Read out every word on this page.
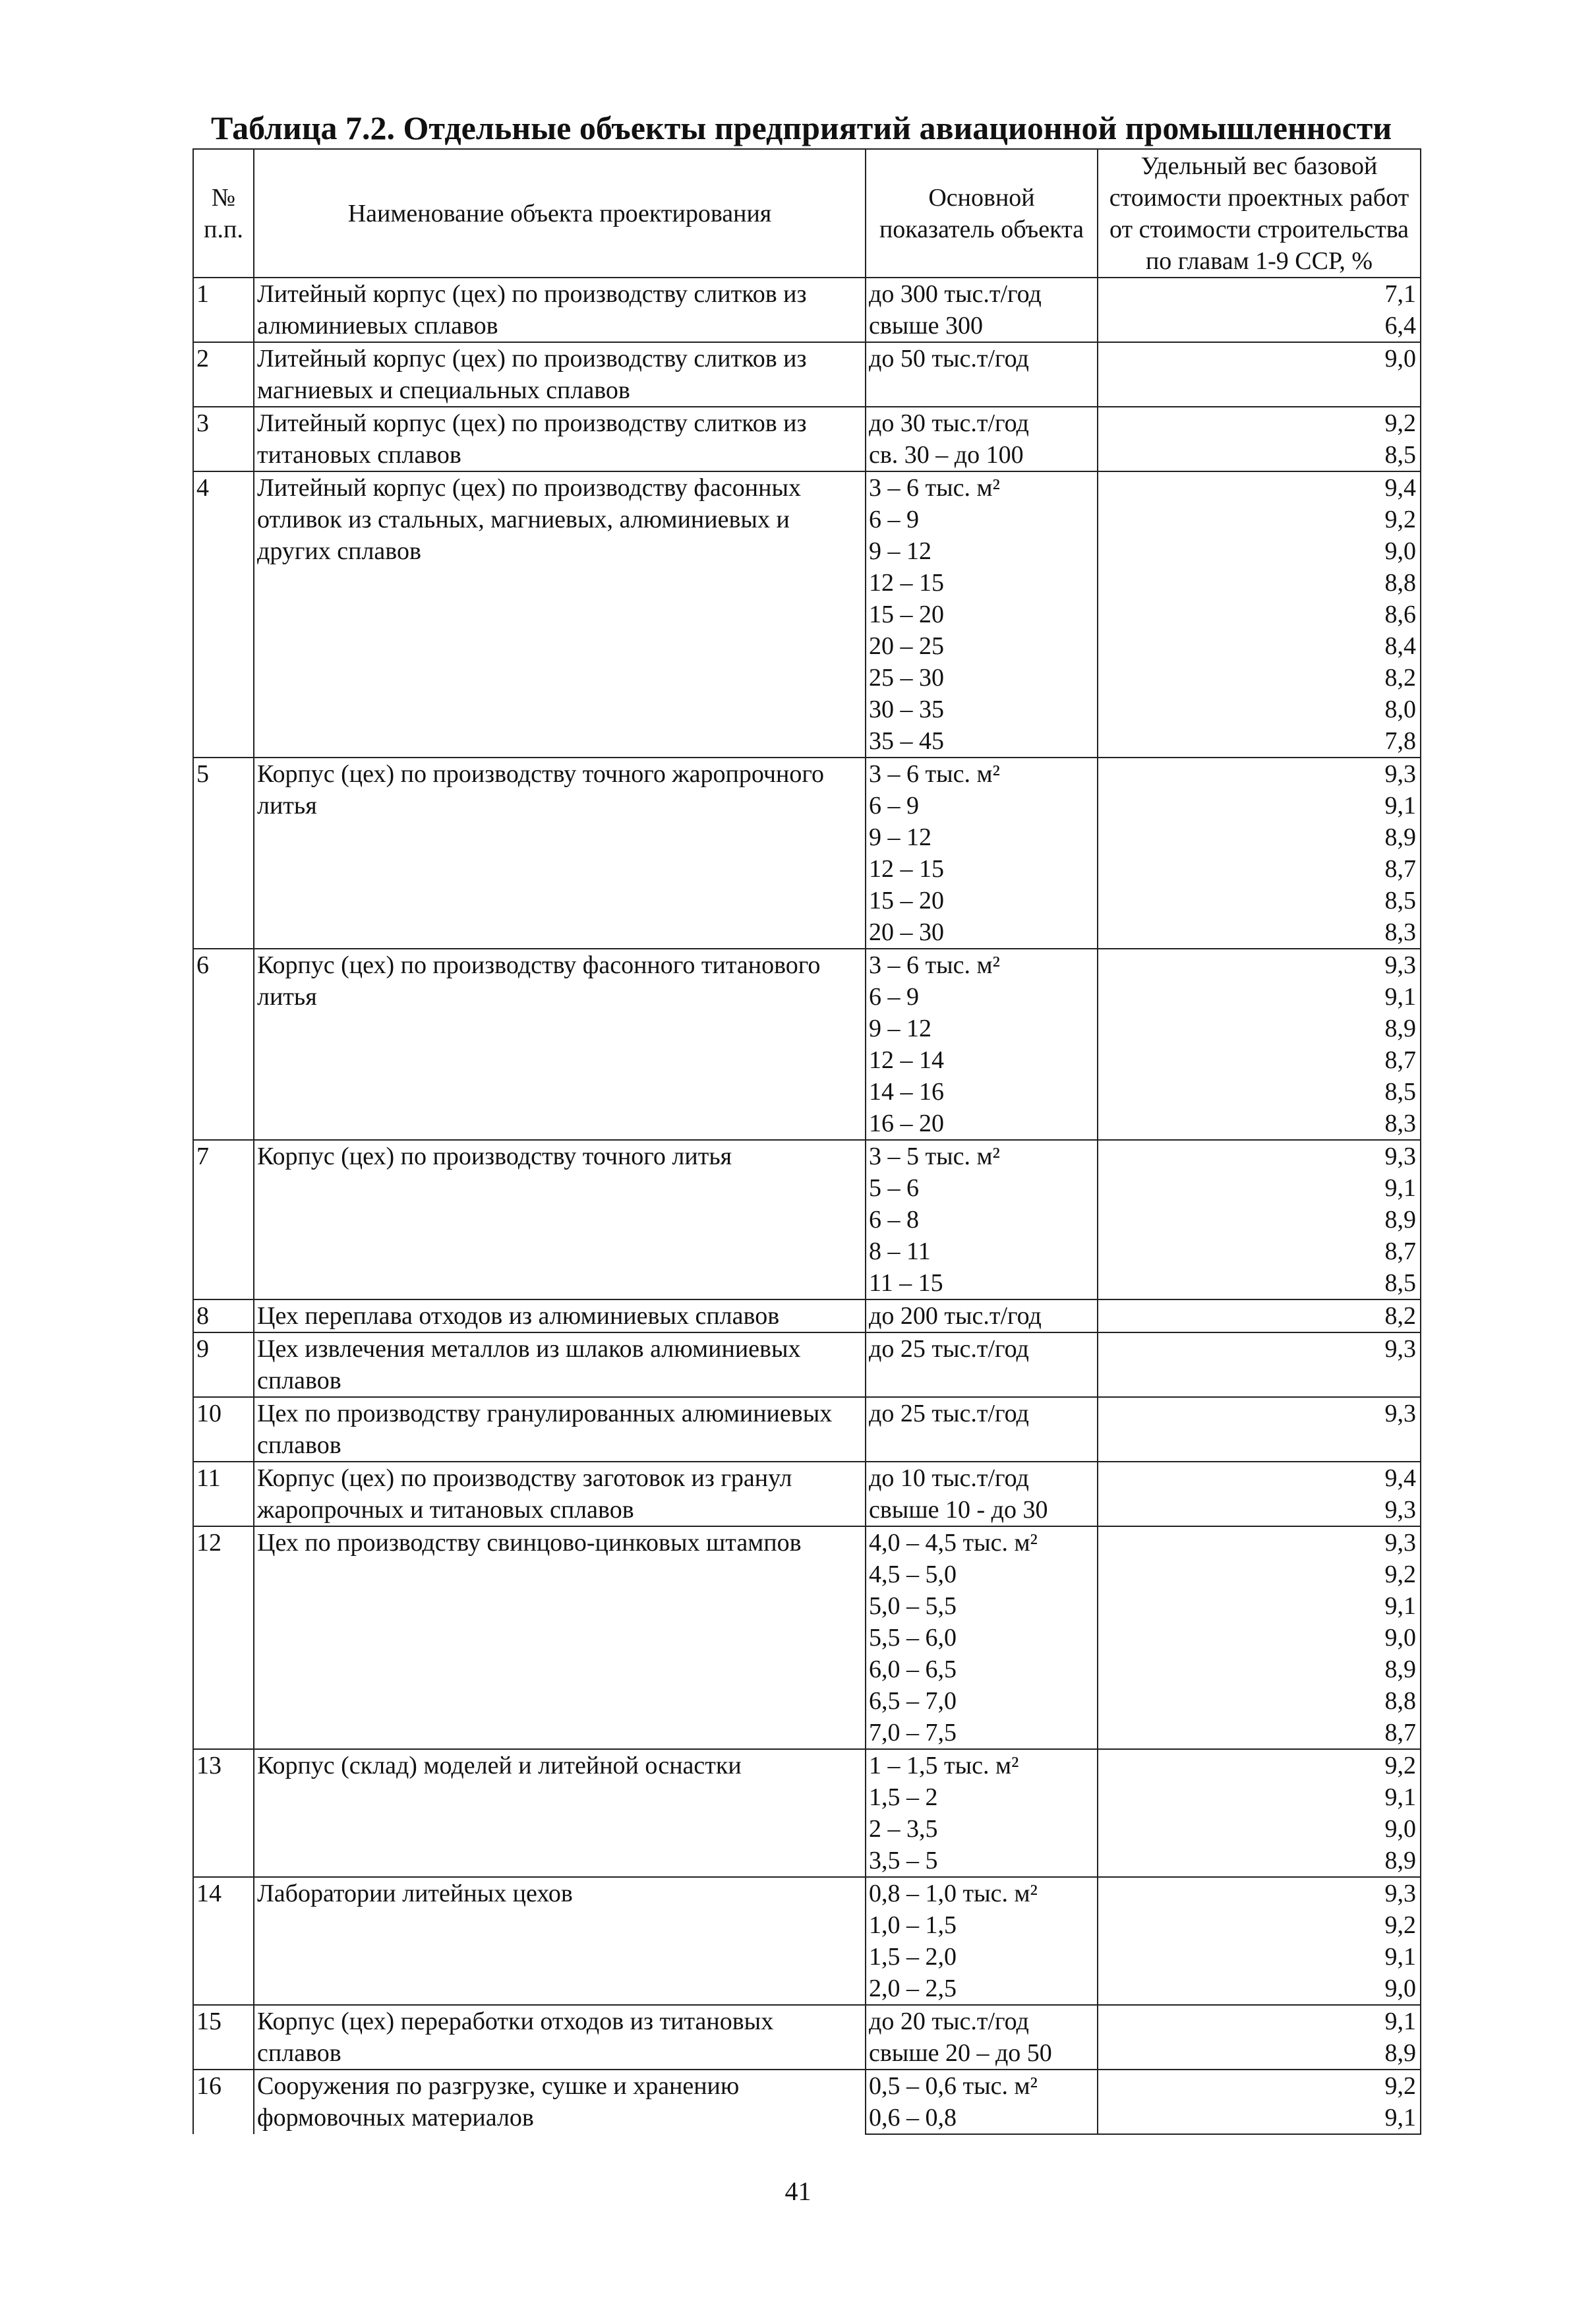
Таблица 7.2. Отдельные объекты предприятий авиационной промышленности
№ п.п.	Наименование объекта проектирования	Основной показатель объекта	Удельный вес базовой стоимости проектных работ от стоимости строительства по главам 1-9 ССР, %
1	Литейный корпус (цех) по производству слитков из алюминиевых сплавов	до 300 тыс.т/год	7,1
		свыше 300	6,4
2	Литейный корпус (цех) по производству слитков из магниевых и специальных сплавов	до 50 тыс.т/год	9,0

3	Литейный корпус (цех) по производству слитков из титановых сплавов	до 30 тыс.т/год	9,2
		св. 30 – до 100	8,5
4	Литейный корпус (цех) по производству фасонных отливок из стальных, магниевых, алюминиевых и других сплавов	3 – 6 тыс. м²	9,4
		6 – 9	9,2
		9 – 12	9,0
		12 – 15	8,8
		15 – 20	8,6
		20 – 25	8,4
		25 – 30	8,2
		30 – 35	8,0
		35 – 45	7,8
5	Корпус (цех) по производству точного жаропрочного литья	3 – 6 тыс. м²	9,3
		6 – 9	9,1
		9 – 12	8,9
		12 – 15	8,7
		15 – 20	8,5
		20 – 30	8,3
6	Корпус (цех) по производству фасонного титанового литья	3 – 6 тыс. м²	9,3
		6 – 9	9,1
		9 – 12	8,9
		12 – 14	8,7
		14 – 16	8,5
		16 – 20	8,3
7	Корпус (цех) по производству точного литья	3 – 5 тыс. м²	9,3
		5 – 6	9,1
		6 – 8	8,9
		8 – 11	8,7
		11 – 15	8,5
8	Цех переплава отходов из алюминиевых сплавов	до 200 тыс.т/год	8,2

9	Цех извлечения металлов из шлаков алюминиевых сплавов	до 25 тыс.т/год	9,3

10	Цех по производству гранулированных алюминиевых сплавов	до 25 тыс.т/год	9,3

11	Корпус (цех) по производству заготовок из гранул жаропрочных и титановых сплавов	до 10 тыс.т/год	9,4
		свыше 10 - до 30	9,3
12	Цех по производству свинцово-цинковых штампов	4,0 – 4,5 тыс. м²	9,3
		4,5 – 5,0	9,2
		5,0 – 5,5	9,1
		5,5 – 6,0	9,0
		6,0 – 6,5	8,9
		6,5 – 7,0	8,8
		7,0 – 7,5	8,7
13	Корпус (склад) моделей и литейной оснастки	1 – 1,5 тыс. м²	9,2
		1,5 – 2	9,1
		2 – 3,5	9,0
		3,5 – 5	8,9
14	Лаборатории литейных цехов	0,8 – 1,0 тыс. м²	9,3
		1,0 – 1,5	9,2
		1,5 – 2,0	9,1
		2,0 – 2,5	9,0
15	Корпус (цех) переработки отходов из титановых сплавов	до 20 тыс.т/год	9,1
		свыше 20 – до 50	8,9
16	Сооружения по разгрузке, сушке и хранению формовочных материалов	0,5 – 0,6 тыс. м²	9,2
		0,6 – 0,8	9,1
41
